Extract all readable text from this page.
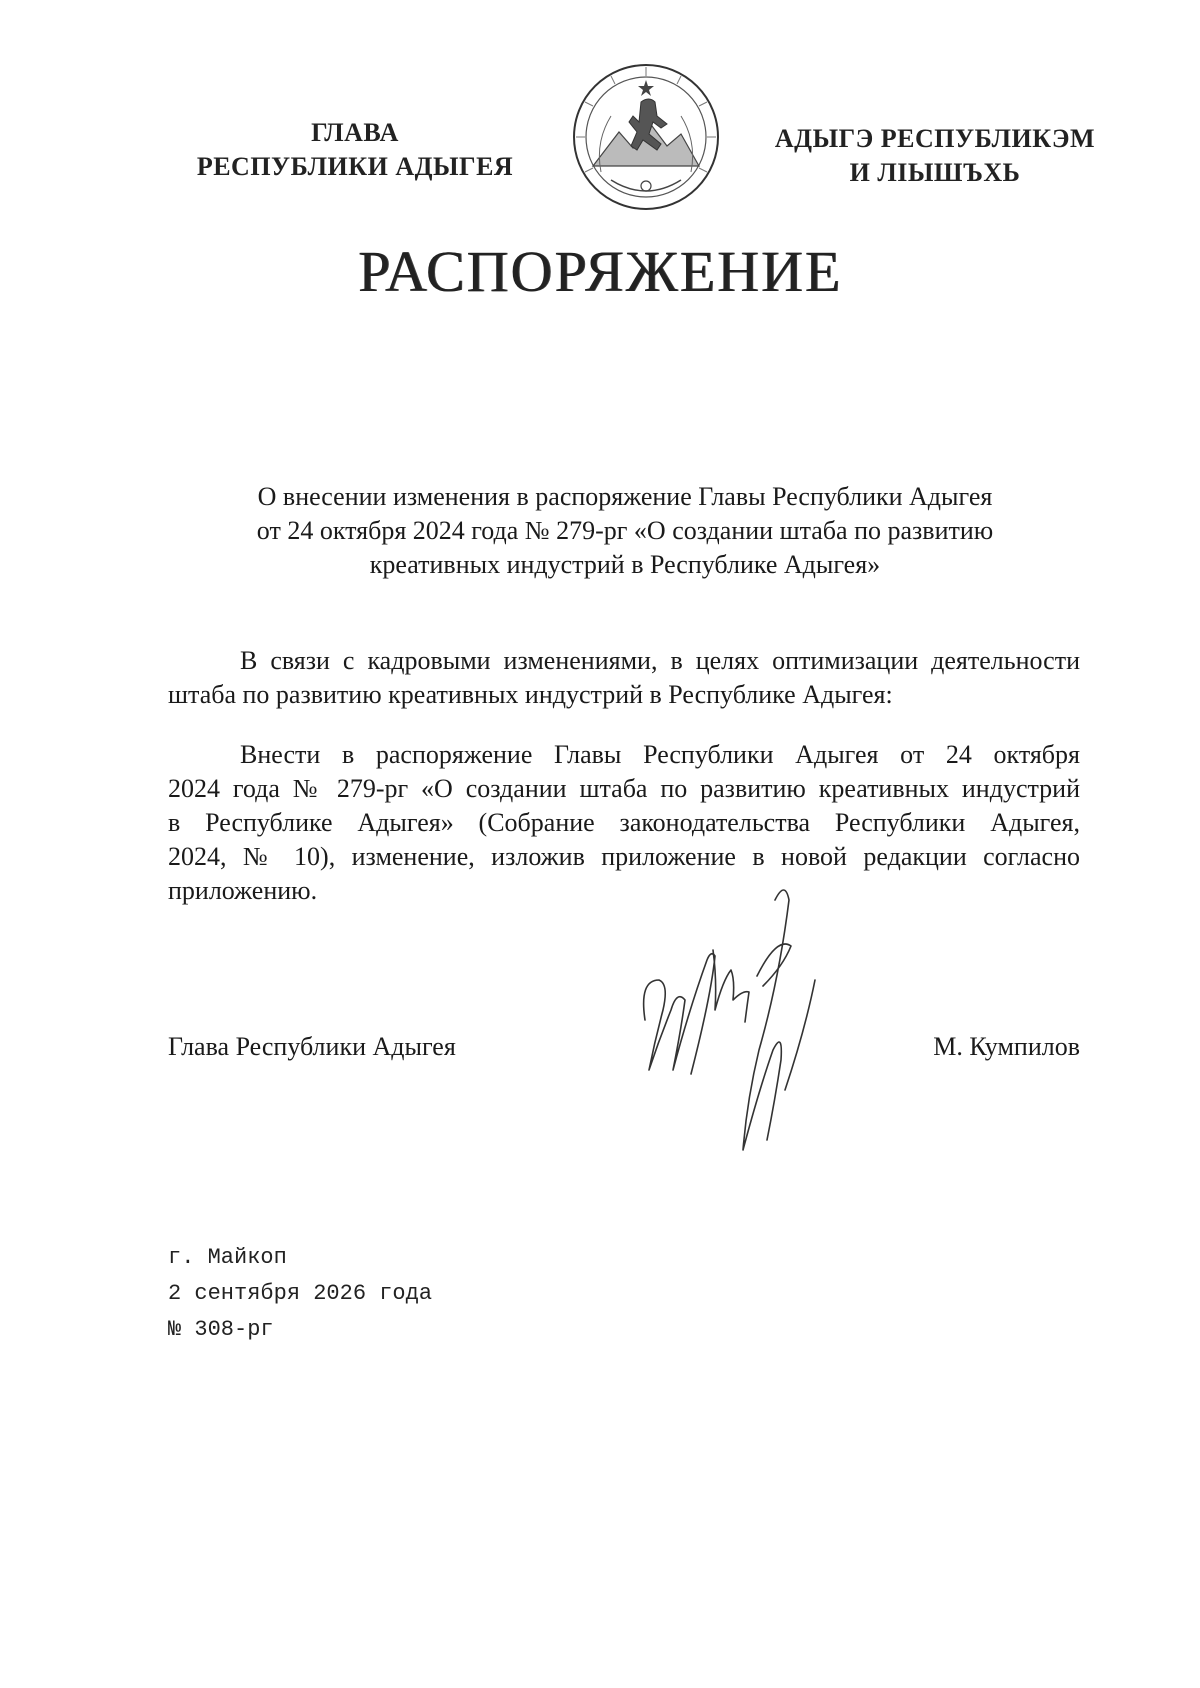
ГЛАВА
РЕСПУБЛИКИ АДЫГЕЯ
АДЫГЭ РЕСПУБЛИКЭМ
И ЛІЫШЪХЬ
РАСПОРЯЖЕНИЕ
О внесении изменения в распоряжение Главы Республики Адыгея
от 24 октября 2024 года № 279-рг «О создании штаба по развитию
креативных индустрий в Республике Адыгея»
В связи с кадровыми изменениями, в целях оптимизации деятельности
штаба по развитию креативных индустрий в Республике Адыгея:
Внести в распоряжение Главы Республики Адыгея от 24 октября
2024 года № 279-рг «О создании штаба по развитию креативных индустрий
в Республике Адыгея» (Собрание законодательства Республики Адыгея,
2024, № 10), изменение, изложив приложение в новой редакции согласно
приложению.
Глава Республики Адыгея	М. Кумпилов
г. Майкоп
2 сентября 2026 года
№ 308-рг
